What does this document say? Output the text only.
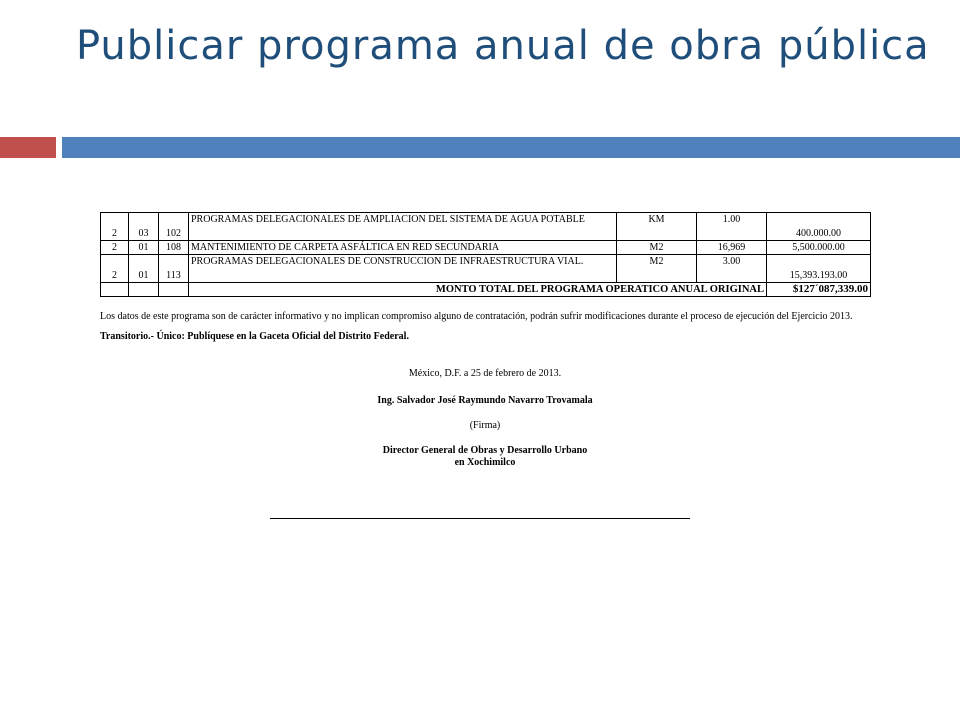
Publicar programa anual de obra pública
2	03	102	PROGRAMAS DELEGACIONALES DE AMPLIACION DEL SISTEMA DE AGUA POTABLE	KM	1.00	400.000.00
2	01	108	MANTENIMIENTO DE CARPETA ASFÁLTICA EN RED SECUNDARIA	M2	16,969	5,500.000.00
2	01	113	PROGRAMAS DELEGACIONALES DE CONSTRUCCION DE INFRAESTRUCTURA VIAL.	M2	3.00	15,393.193.00
			MONTO TOTAL DEL PROGRAMA OPERATICO ANUAL ORIGINAL			$127´087,339.00
Los datos de este programa son de carácter informativo y no implican compromiso alguno de contratación, podrán sufrir modificaciones durante el proceso de ejecución del Ejercicio 2013.
Transitorio.- Único: Publíquese en la Gaceta Oficial del Distrito Federal.
México, D.F. a 25 de febrero de 2013.
Ing. Salvador José Raymundo Navarro Trovamala
(Firma)
Director General de Obras y Desarrollo Urbano
en Xochimilco
